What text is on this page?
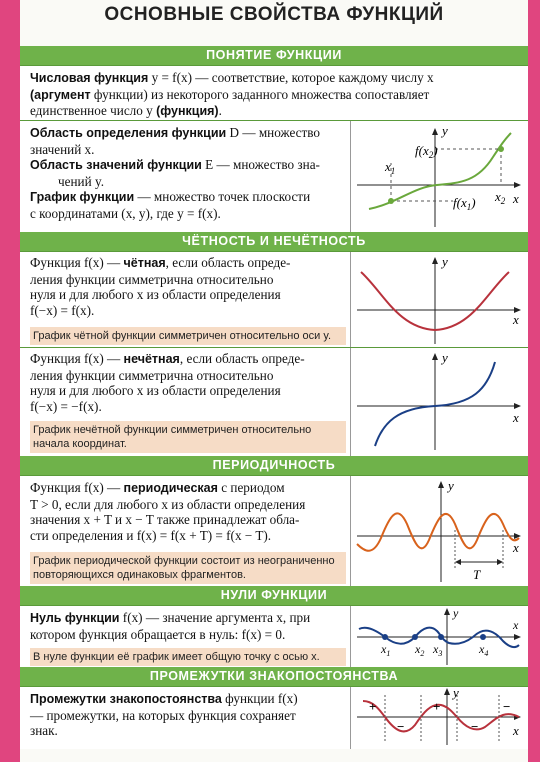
ОСНОВНЫЕ СВОЙСТВА ФУНКЦИЙ
ПОНЯТИЕ ФУНКЦИИ
Числовая функция y = f(x) — соответствие, которое каждому числу x
(аргумент функции) из некоторого заданного множества сопоставляет
единственное число y (функция).
Область определения функции D — множество
значений x.
Область значений функции E — множество зна-
чений y.
График функции — множество точек плоскости
с координатами (x, y), где y = f(x).
y
x
$x_1$
$x_2$
$f(x_2)$
$f(x_1)$
ЧЁТНОСТЬ И НЕЧЁТНОСТЬ
Функция f(x) — чётная, если область опреде-
ления функции симметрична относительно
нуля и для любого x из области определения
f(−x) = f(x).
График чётной функции симметричен относительно оси y.
y
x
Функция f(x) — нечётная, если область опреде-
ления функции симметрична относительно
нуля и для любого x из области определения
f(−x) = −f(x).
График нечётной функции симметричен относительно
начала координат.
y
x
ПЕРИОДИЧНОСТЬ
Функция f(x) — периодическая с периодом
T > 0, если для любого x из области определения
значения x + T и x − T также принадлежат обла-
сти определения и f(x) = f(x + T) = f(x − T).
График периодической функции состоит из неограниченно
повторяющихся одинаковых фрагментов.
y
x
T
НУЛИ ФУНКЦИИ
Нуль функции f(x) — значение аргумента x, при
котором функция обращается в нуль: f(x) = 0.
В нуле функции её график имеет общую точку с осью x.
y
x
$x_1$ $x_2$ $x_3$	$x_4$
ПРОМЕЖУТКИ ЗНАКОПОСТОЯНСТВА
Промежутки знакопостоянства функции f(x)
— промежутки, на которых функция сохраняет
знак.
y
x
+
−
+
−
−
